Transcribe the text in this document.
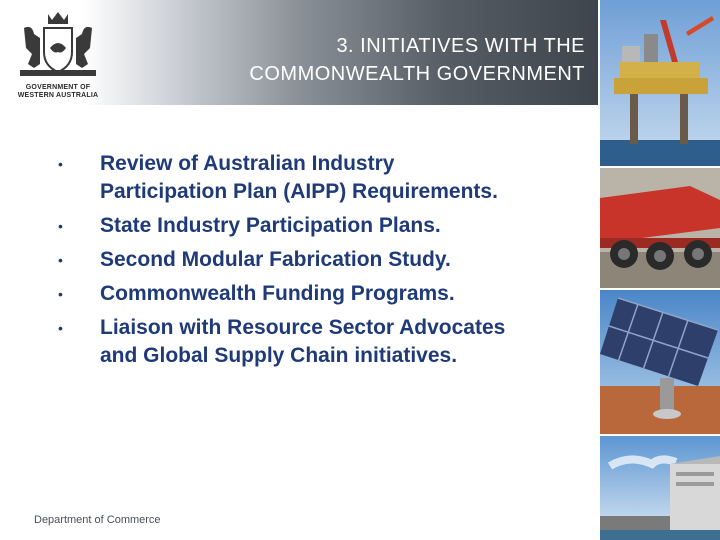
GOVERNMENT OF
WESTERN AUSTRALIA
3. INITIATIVES WITH THE
COMMONWEALTH GOVERNMENT
• Review of Australian Industry
Participation Plan (AIPP) Requirements.
• State Industry Participation Plans.
• Second Modular Fabrication Study.
• Commonwealth Funding Programs.
• Liaison with Resource Sector Advocates
and Global Supply Chain initiatives.
Department of Commerce
